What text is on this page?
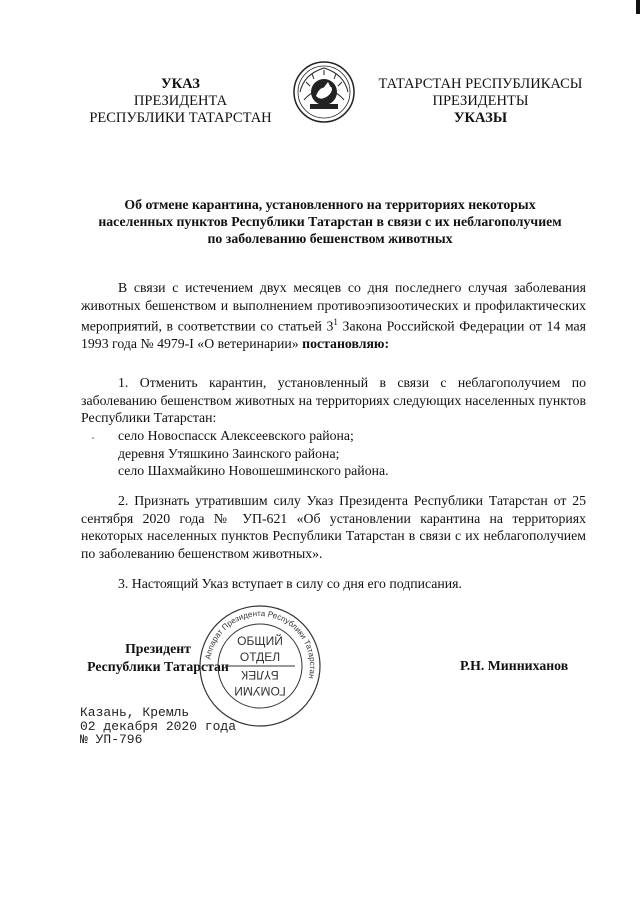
УКАЗ
ПРЕЗИДЕНТА
РЕСПУБЛИКИ ТАТАРСТАН
ТАТАРСТАН РЕСПУБЛИКАСЫ
ПРЕЗИДЕНТЫ
УКАЗЫ
Об отмене карантина, установленного на территориях некоторых
населенных пунктов Республики Татарстан в связи с их неблагополучием
по заболеванию бешенством животных
В связи с истечением двух месяцев со дня последнего случая заболевания животных бешенством и выполнением противоэпизоотических и профилактических мероприятий, в соответствии со статьей $3^1$ Закона Российской Федерации от 14 мая 1993 года № 4979-I «О ветеринарии» постановляю:
1. Отменить карантин, установленный в связи с неблагополучием по заболеванию бешенством животных на территориях следующих населенных пунктов Республики Татарстан:
село Новоспасск Алексеевского района;
деревня Утяшкино Заинского района;
село Шахмайкино Новошешминского района.
2. Признать утратившим силу Указ Президента Республики Татарстан от 25 сентября 2020 года № УП-621 «Об установлении карантина на территориях некоторых населенных пунктов Республики Татарстан в связи с их неблагополучием по заболеванию бешенством животных».
3. Настоящий Указ вступает в силу со дня его подписания.
Президент
Республики Татарстан
Аппарат Президента Республики Татарстан
ОБЩИЙ
ОТДЕЛ
ГОМУМИ
БҮЛЕК
Р.Н. Минниханов
Казань, Кремль
02 декабря 2020 года
№ УП-796
